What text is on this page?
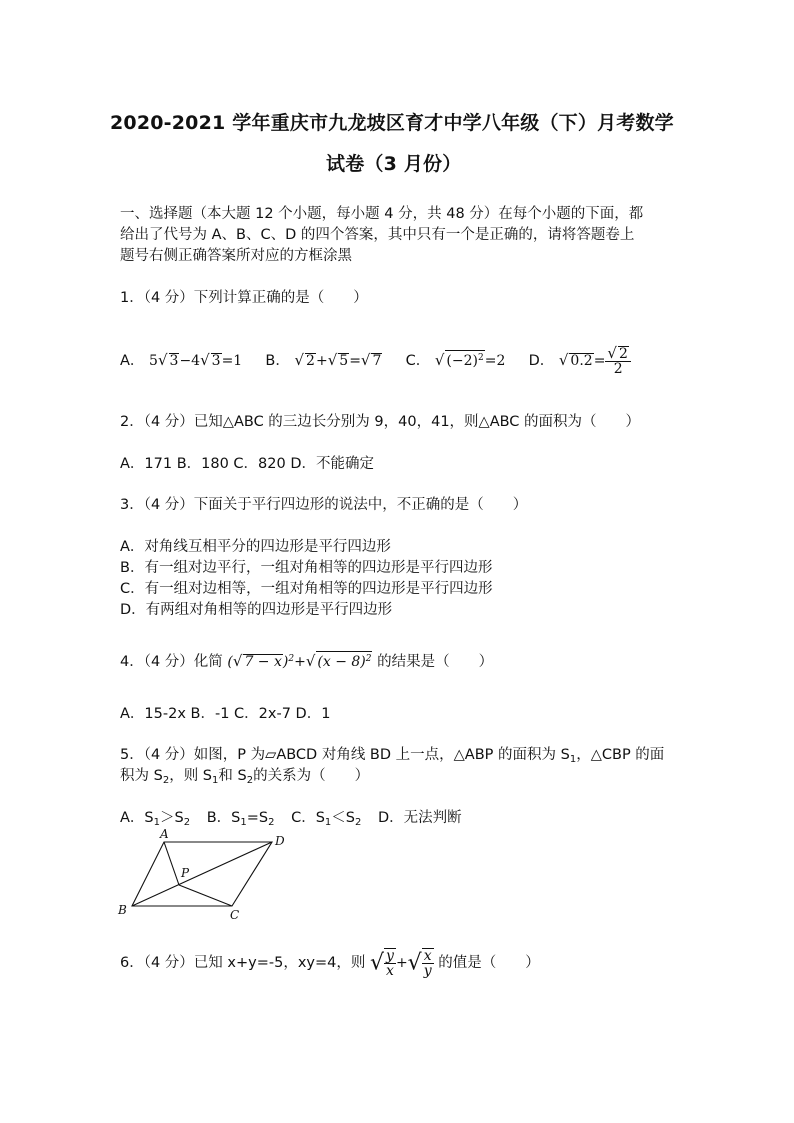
2020-2021 学年重庆市九龙坡区育才中学八年级（下）月考数学
试卷（3 月份）
一、选择题（本大题 12 个小题，每小题 4 分，共 48 分）在每个小题的下面，都
给出了代号为 A、B、C、D 的四个答案，其中只有一个是正确的，请将答题卷上
题号右侧正确答案所对应的方框涂黑
1．（4 分）下列计算正确的是（　　）
A． 5√ 3−4√ 3=1 B． √ 2+√ 5=√ 7 C． √ $(-2)^2=2$ D． √ $0.2= \frac{√ 2}{2}$
2．（4 分）已知△ABC 的三边长分别为 9，40，41，则△ABC 的面积为（　　）
A．171 B．180 C．820 D．不能确定
3．（4 分）下面关于平行四边形的说法中，不正确的是（　　）
A．对角线互相平分的四边形是平行四边形
B．有一组对边平行，一组对角相等的四边形是平行四边形
C．有一组对边相等，一组对角相等的四边形是平行四边形
D．有两组对角相等的四边形是平行四边形
4．（4 分）化简 (√ 7 − x)$^2$+√ $(x - 8)^2$ 的结果是（　　）
A．15-2x B．-1 C．2x-7 D．1
5．（4 分）如图，P 为▱ABCD 对角线 BD 上一点，△ABP 的面积为 $S_1$，△CBP 的面
积为 $S_2$，则 $S_1$和 $S_2$的关系为（　　）
A．$S_1>S_2$ B．$S_1=S_2$ C．$S_1<S_2$ D．无法判断
A	D
B	C
P
6．（4 分）已知 x+y=-5，xy=4，则 √ $\frac{y}{x}$ +√ $\frac{x}{y}$ 的值是（　　）
